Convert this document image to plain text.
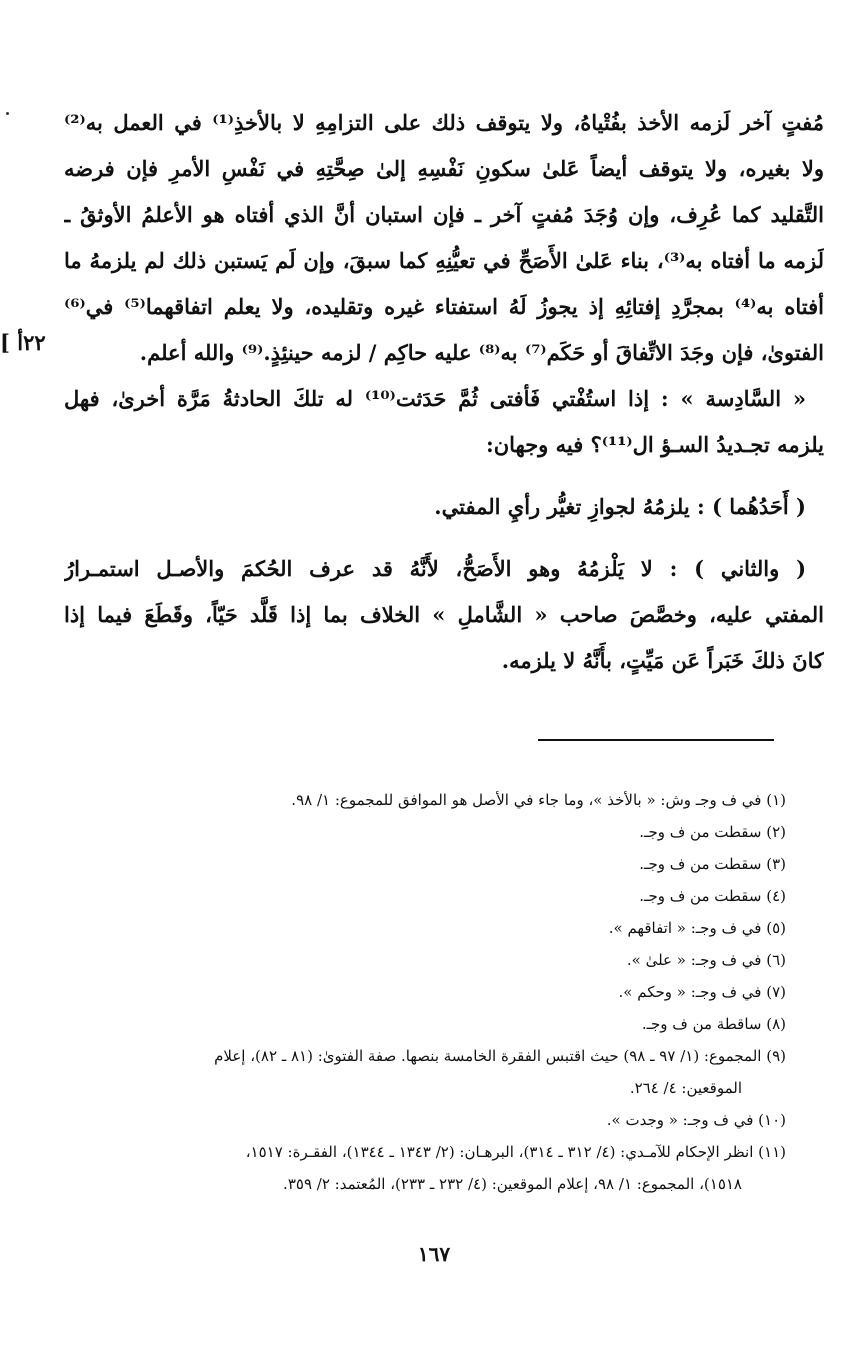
٢٢أ ]
مُفتٍ آخر لَزمه الأخذ بفُتْياهُ، ولا يتوقف ذلك على التزامِهِ لا بالأخذِ⁽¹⁾ في العمل به⁽²⁾
ولا بغيره، ولا يتوقف أيضاً عَلىٰ سكونِ نَفْسِهِ إلىٰ صِحَّتِهِ في نَفْسِ الأمرِ فإن فرضه
التَّقليد كما عُرِف، وإن وُجَدَ مُفتٍ آخر ـ فإن استبان أنَّ الذي أفتاه هو الأعلمُ الأوثقُ ـ
لَزمه ما أفتاه به⁽³⁾، بناء عَلىٰ الأَصَحِّ في تعيُّنِهِ كما سبقَ، وإن لَم يَستبن ذلك لم يلزمهُ ما
أفتاه به⁽⁴⁾ بمجرَّدِ إفتائِهِ إذ يجوزُ لَهُ استفتاء غيره وتقليده، ولا يعلم اتفاقهما⁽⁵⁾ في⁽⁶⁾
الفتوىٰ، فإن وجَدَ الاتِّفاقَ أو حَكَم⁽⁷⁾ به⁽⁸⁾ عليه حاكِم / لزمه حينئِذٍ.⁽⁹⁾ والله أعلم.
« السَّادِسة » : إذا استُفْتي فَأفتى ثُمَّ حَدَثت⁽¹⁰⁾ له تلكَ الحادثةُ مَرَّة أخرىٰ، فهل
يلزمه تجـديدُ السـؤ ال⁽¹¹⁾؟ فيه وجهان:
( أَحَدُهُما ) : يلزمُهُ لجوازِ تغيُّر رأيِ المفتي.
( والثاني ) : لا يَلْزمُهُ وهو الأَصَحُّ، لأَنَّهُ قد عرف الحُكمَ والأصـل استمـرارُ
المفتي عليه، وخصَّصَ صاحب « الشَّاملِ » الخلاف بما إذا قَلَّد حَيّاً، وقَطَعَ فيما إذا
كانَ ذلكَ خَبَراً عَن مَيِّتٍ، بأَنَّهُ لا يلزمه.
(١) في ف وجـ وش: « بالأخذ »، وما جاء في الأصل هو الموافق للمجموع: ١/ ٩٨.
(٢) سقطت من ف وجـ.
(٣) سقطت من ف وجـ.
(٤) سقطت من ف وجـ.
(٥) في ف وجـ: « اتفاقهم ».
(٦) في ف وجـ: « علىٰ ».
(٧) في ف وجـ: « وحكم ».
(٨) ساقطة من ف وجـ.
(٩) المجموع: (١/ ٩٧ ـ ٩٨) حيث اقتبس الفقرة الخامسة بنصها. صفة الفتوىٰ: (٨١ ـ ٨٢)، إعلام
الموقعين: ٤/ ٢٦٤.
(١٠) في ف وجـ: « وجدت ».
(١١) انظر الإحكام للآمـدي: (٤/ ٣١٢ ـ ٣١٤)، البرهـان: (٢/ ١٣٤٣ ـ ١٣٤٤)، الفقـرة: ١٥١٧،
١٥١٨)، المجموع: ١/ ٩٨، إعلام الموقعين: (٤/ ٢٣٢ ـ ٢٣٣)، المُعتمد: ٢/ ٣٥٩.
١٦٧
